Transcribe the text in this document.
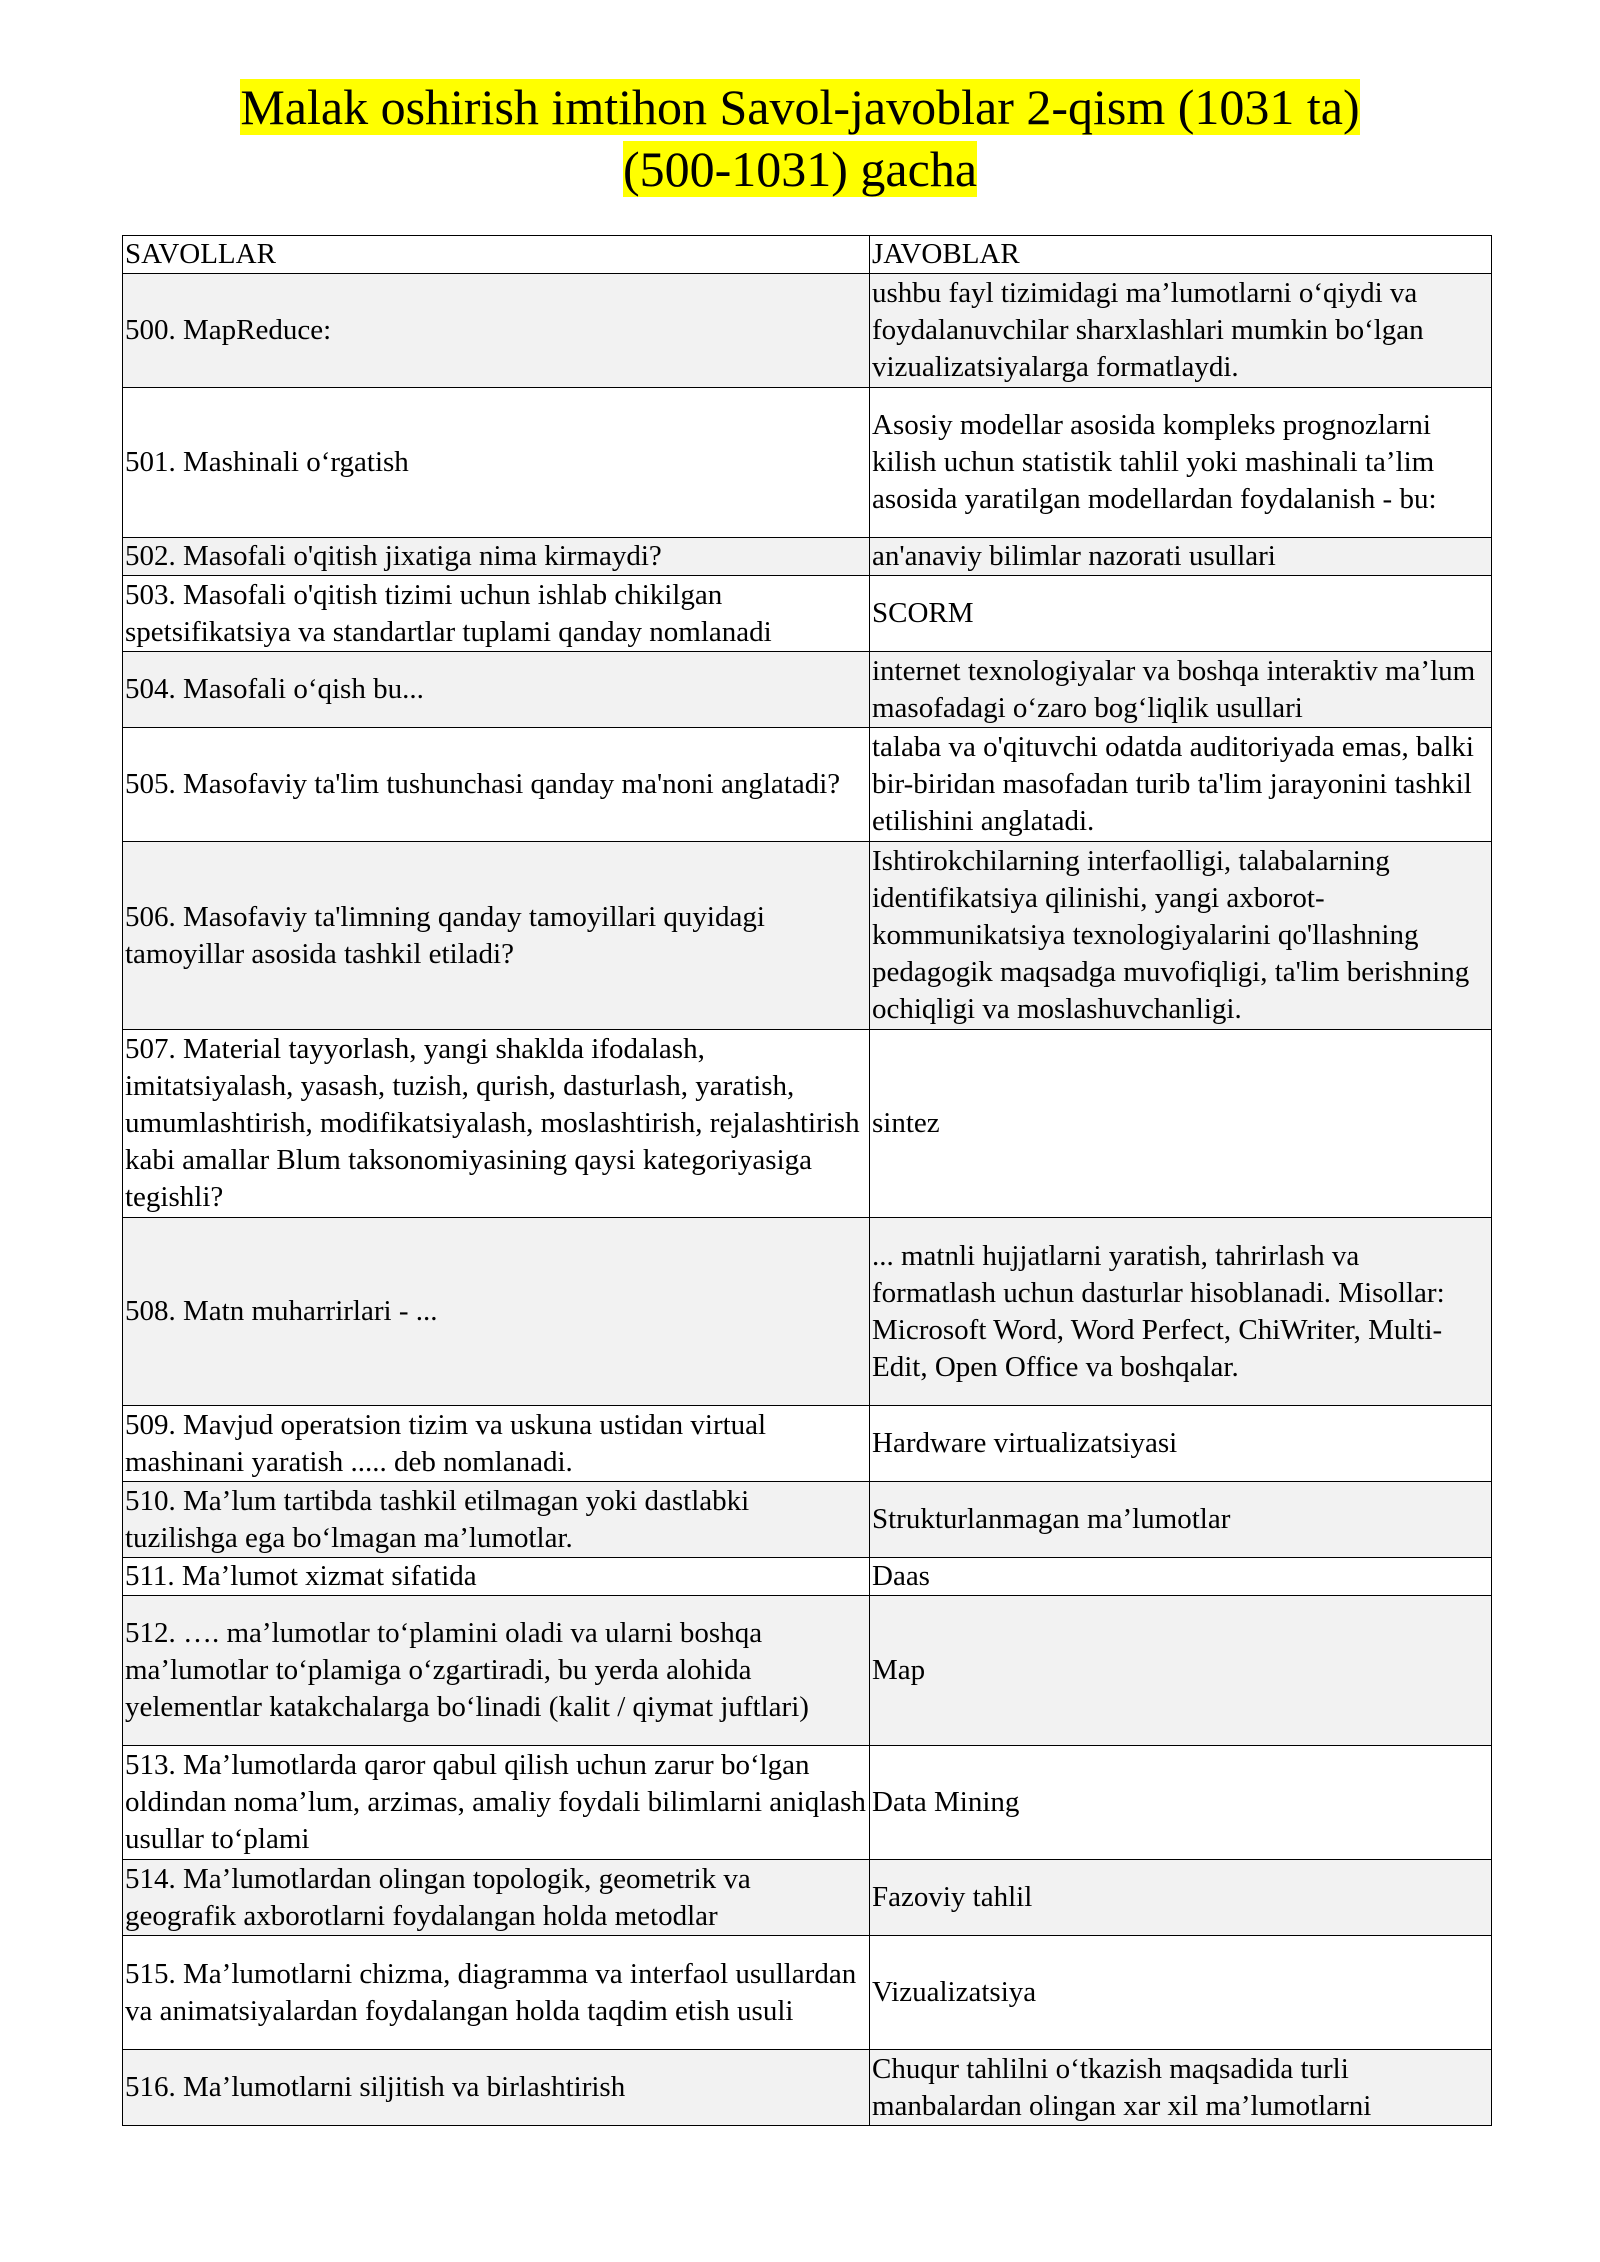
Malak oshirish imtihon Savol-javoblar 2-qism (1031 ta)
(500-1031) gacha
SAVOLLAR	JAVOBLAR
500. MapReduce:	ushbu fayl tizimidagi ma’lumotlarni o‘qiydi va foydalanuvchilar sharxlashlari mumkin bo‘lgan vizualizatsiyalarga formatlaydi.
501. Mashinali o‘rgatish	Asosiy modellar asosida kompleks prognozlarni kilish uchun statistik tahlil yoki mashinali ta’lim asosida yaratilgan modellardan foydalanish - bu:
502. Masofali o'qitish jixatiga nima kirmaydi?	an'anaviy bilimlar nazorati usullari
503. Masofali o'qitish tizimi uchun ishlab chikilgan spetsifikatsiya va standartlar tuplami qanday nomlanadi	SCORM
504. Masofali o‘qish bu...	internet texnologiyalar va boshqa interaktiv ma’lum masofadagi o‘zaro bog‘liqlik usullari
505. Masofaviy ta'lim tushunchasi qanday ma'noni anglatadi?	talaba va o'qituvchi odatda auditoriyada emas, balki bir-biridan masofadan turib ta'lim jarayonini tashkil etilishini anglatadi.
506. Masofaviy ta'limning qanday tamoyillari quyidagi tamoyillar asosida tashkil etiladi?	Ishtirokchilarning interfaolligi, talabalarning identifikatsiya qilinishi, yangi axborot-kommunikatsiya texnologiyalarini qo'llashning pedagogik maqsadga muvofiqligi, ta'lim berishning ochiqligi va moslashuvchanligi.
507. Material tayyorlash, yangi shaklda ifodalash, imitatsiyalash, yasash, tuzish, qurish, dasturlash, yaratish, umumlashtirish, modifikatsiyalash, moslashtirish, rejalashtirish kabi amallar Blum taksonomiyasining qaysi kategoriyasiga tegishli?	sintez
508. Matn muharrirlari - ...	... matnli hujjatlarni yaratish, tahrirlash va formatlash uchun dasturlar hisoblanadi. Misollar: Microsoft Word, Word Perfect, ChiWriter, Multi-Edit, Open Office va boshqalar.
509. Mavjud operatsion tizim va uskuna ustidan virtual mashinani yaratish ..... deb nomlanadi.	Hardware virtualizatsiyasi
510. Ma’lum tartibda tashkil etilmagan yoki dastlabki tuzilishga ega bo‘lmagan ma’lumotlar.	Strukturlanmagan ma’lumotlar
511. Ma’lumot xizmat sifatida	Daas
512. …. ma’lumotlar to‘plamini oladi va ularni boshqa ma’lumotlar to‘plamiga o‘zgartiradi, bu yerda alohida yelementlar katakchalarga bo‘linadi (kalit / qiymat juftlari)	Map
513. Ma’lumotlarda qaror qabul qilish uchun zarur bo‘lgan oldindan noma’lum, arzimas, amaliy foydali bilimlarni aniqlash usullar to‘plami	Data Mining
514. Ma’lumotlardan olingan topologik, geometrik va geografik axborotlarni foydalangan holda metodlar	Fazoviy tahlil
515. Ma’lumotlarni chizma, diagramma va interfaol usullardan va animatsiyalardan foydalangan holda taqdim etish usuli	Vizualizatsiya
516. Ma’lumotlarni siljitish va birlashtirish	Chuqur tahlilni o‘tkazish maqsadida turli manbalardan olingan xar xil ma’lumotlarni
